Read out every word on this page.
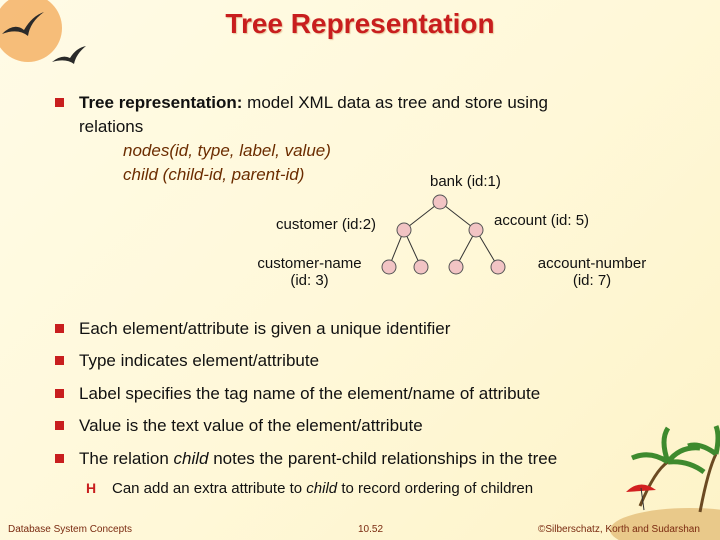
Tree Representation
Tree representation: model XML data as tree and store using
relations
nodes(id, type, label, value)
child (child-id, parent-id)	bank (id:1)
customer (id:2)	account (id: 5)
customer-name
(id: 3)
account-number
(id: 7)
Each element/attribute is given a unique identifier
Type indicates element/attribute
Label specifies the tag name of the element/name of attribute
Value is the text value of the element/attribute
The relation child notes the parent-child relationships in the tree
H Can add an extra attribute to child to record ordering of children
Database System Concepts	10.52	©Silberschatz, Korth and Sudarshan
